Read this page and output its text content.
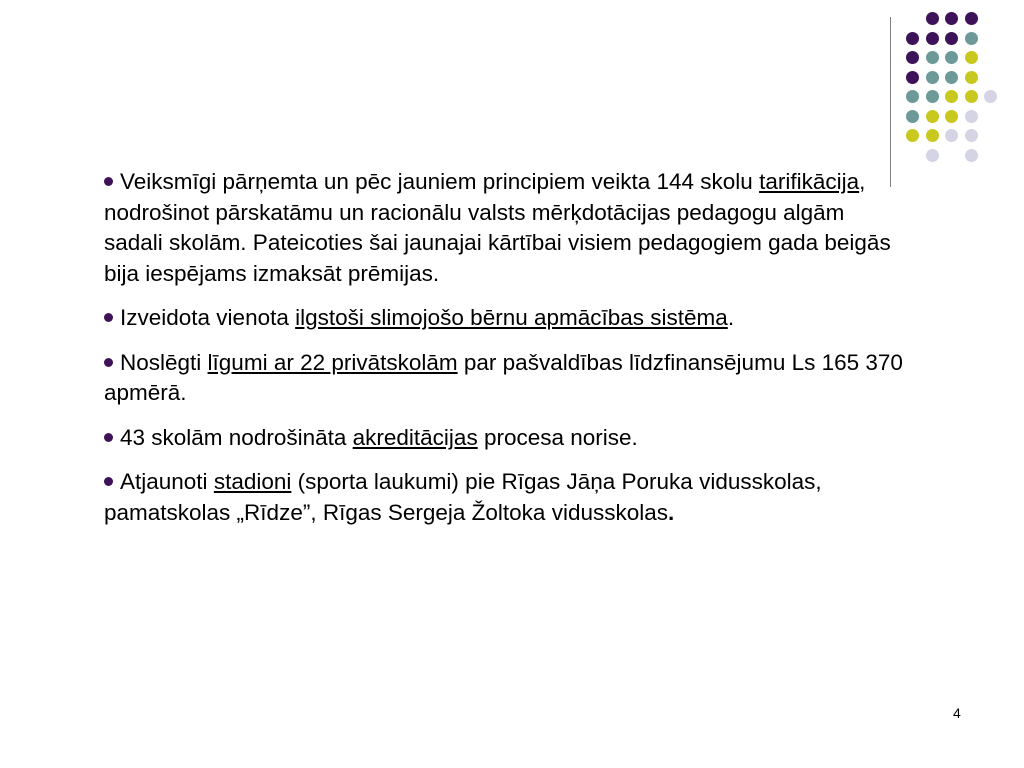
Veiksmīgi pārņemta un pēc jauniem principiem veikta 144 skolu tarifikācija, nodrošinot pārskatāmu un racionālu valsts mērķdotācijas pedagogu algām sadali skolām. Pateicoties šai jaunajai kārtībai visiem pedagogiem gada beigās bija iespējams izmaksāt prēmijas.

Izveidota vienota ilgstoši slimojošo bērnu apmācības sistēma.

Noslēgti līgumi ar 22 privātskolām par pašvaldības līdzfinansējumu Ls 165 370 apmērā.

43 skolām nodrošināta akreditācijas procesa norise.

Atjaunoti stadioni (sporta laukumi) pie Rīgas Jāņa Poruka vidusskolas, pamatskolas „Rīdze”, Rīgas Sergeja Žoltoka vidusskolas.

4
